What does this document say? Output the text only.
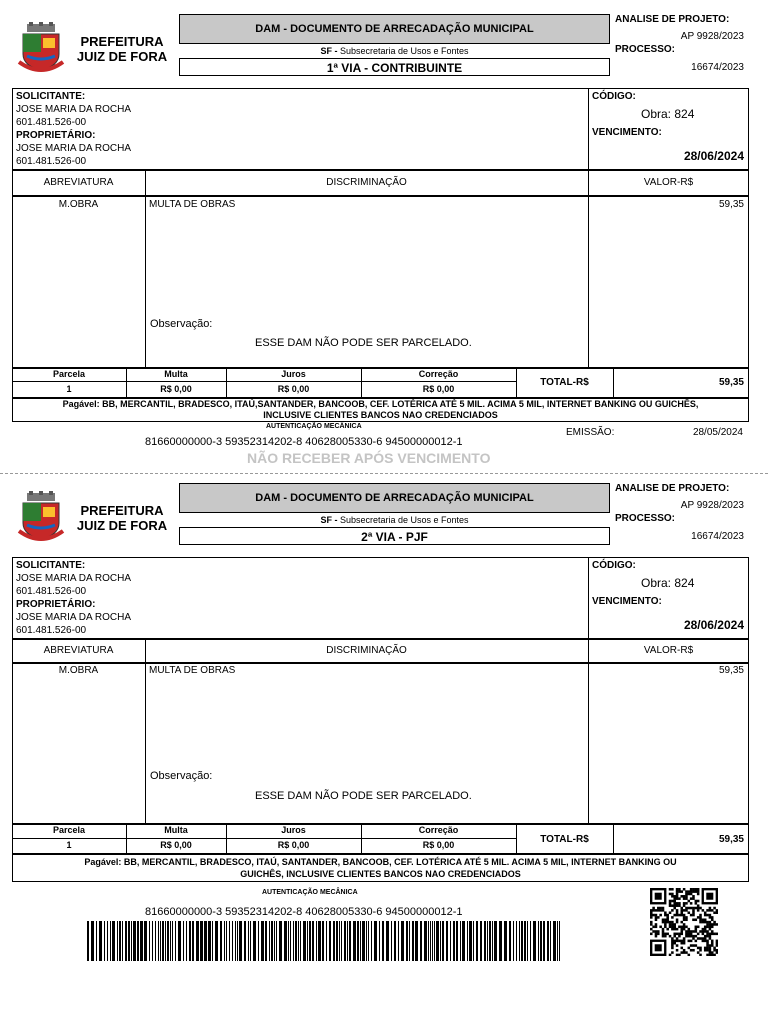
PREFEITURA
JUIZ DE FORA
DAM - DOCUMENTO DE ARRECADAÇÃO MUNICIPAL
SF - Subsecretaria de Usos e Fontes
1ª VIA - CONTRIBUINTE
ANALISE DE PROJETO:
AP 9928/2023
PROCESSO:
16674/2023
SOLICITANTE:
JOSE MARIA DA ROCHA
601.481.526-00
PROPRIETÁRIO:
JOSE MARIA DA ROCHA
601.481.526-00
CÓDIGO:
Obra: 824
VENCIMENTO:
28/06/2024
ABREVIATURA	DISCRIMINAÇÃO	VALOR-R$
M.OBRA	MULTA DE OBRAS	59,35
Observação:
ESSE DAM NÃO PODE SER PARCELADO.
Parcela	Multa	Juros	Correção
1	R$ 0,00	R$ 0,00	R$ 0,00
TOTAL-R$	59,35
Pagável: BB, MERCANTIL, BRADESCO, ITAÚ,SANTANDER, BANCOOB, CEF. LOTÉRICA ATÉ 5 MIL. ACIMA 5 MIL, INTERNET BANKING OU GUICHÊS,
INCLUSIVE CLIENTES BANCOS NAO CREDENCIADOS
AUTENTICAÇÃO MECÂNICA
EMISSÃO:	28/05/2024
81660000000-3 59352314202-8 40628005330-6 94500000012-1
NÃO RECEBER APÓS VENCIMENTO
PREFEITURA
JUIZ DE FORA
DAM - DOCUMENTO DE ARRECADAÇÃO MUNICIPAL
SF - Subsecretaria de Usos e Fontes
2ª VIA - PJF
ANALISE DE PROJETO:
AP 9928/2023
PROCESSO:
16674/2023
SOLICITANTE:
JOSE MARIA DA ROCHA
601.481.526-00
PROPRIETÁRIO:
JOSE MARIA DA ROCHA
601.481.526-00
CÓDIGO:
Obra: 824
VENCIMENTO:
28/06/2024
ABREVIATURA	DISCRIMINAÇÃO	VALOR-R$
M.OBRA	MULTA DE OBRAS	59,35
Observação:
ESSE DAM NÃO PODE SER PARCELADO.
Parcela	Multa	Juros	Correção
1	R$ 0,00	R$ 0,00	R$ 0,00	TOTAL-R$	59,35
Pagável: BB, MERCANTIL, BRADESCO, ITAÚ, SANTANDER, BANCOOB, CEF. LOTÉRICA ATÉ 5 MIL. ACIMA 5 MIL, INTERNET BANKING OU
GUICHÊS, INCLUSIVE CLIENTES BANCOS NAO CREDENCIADOS
AUTENTICAÇÃO MECÂNICA
81660000000-3 59352314202-8 40628005330-6 94500000012-1
